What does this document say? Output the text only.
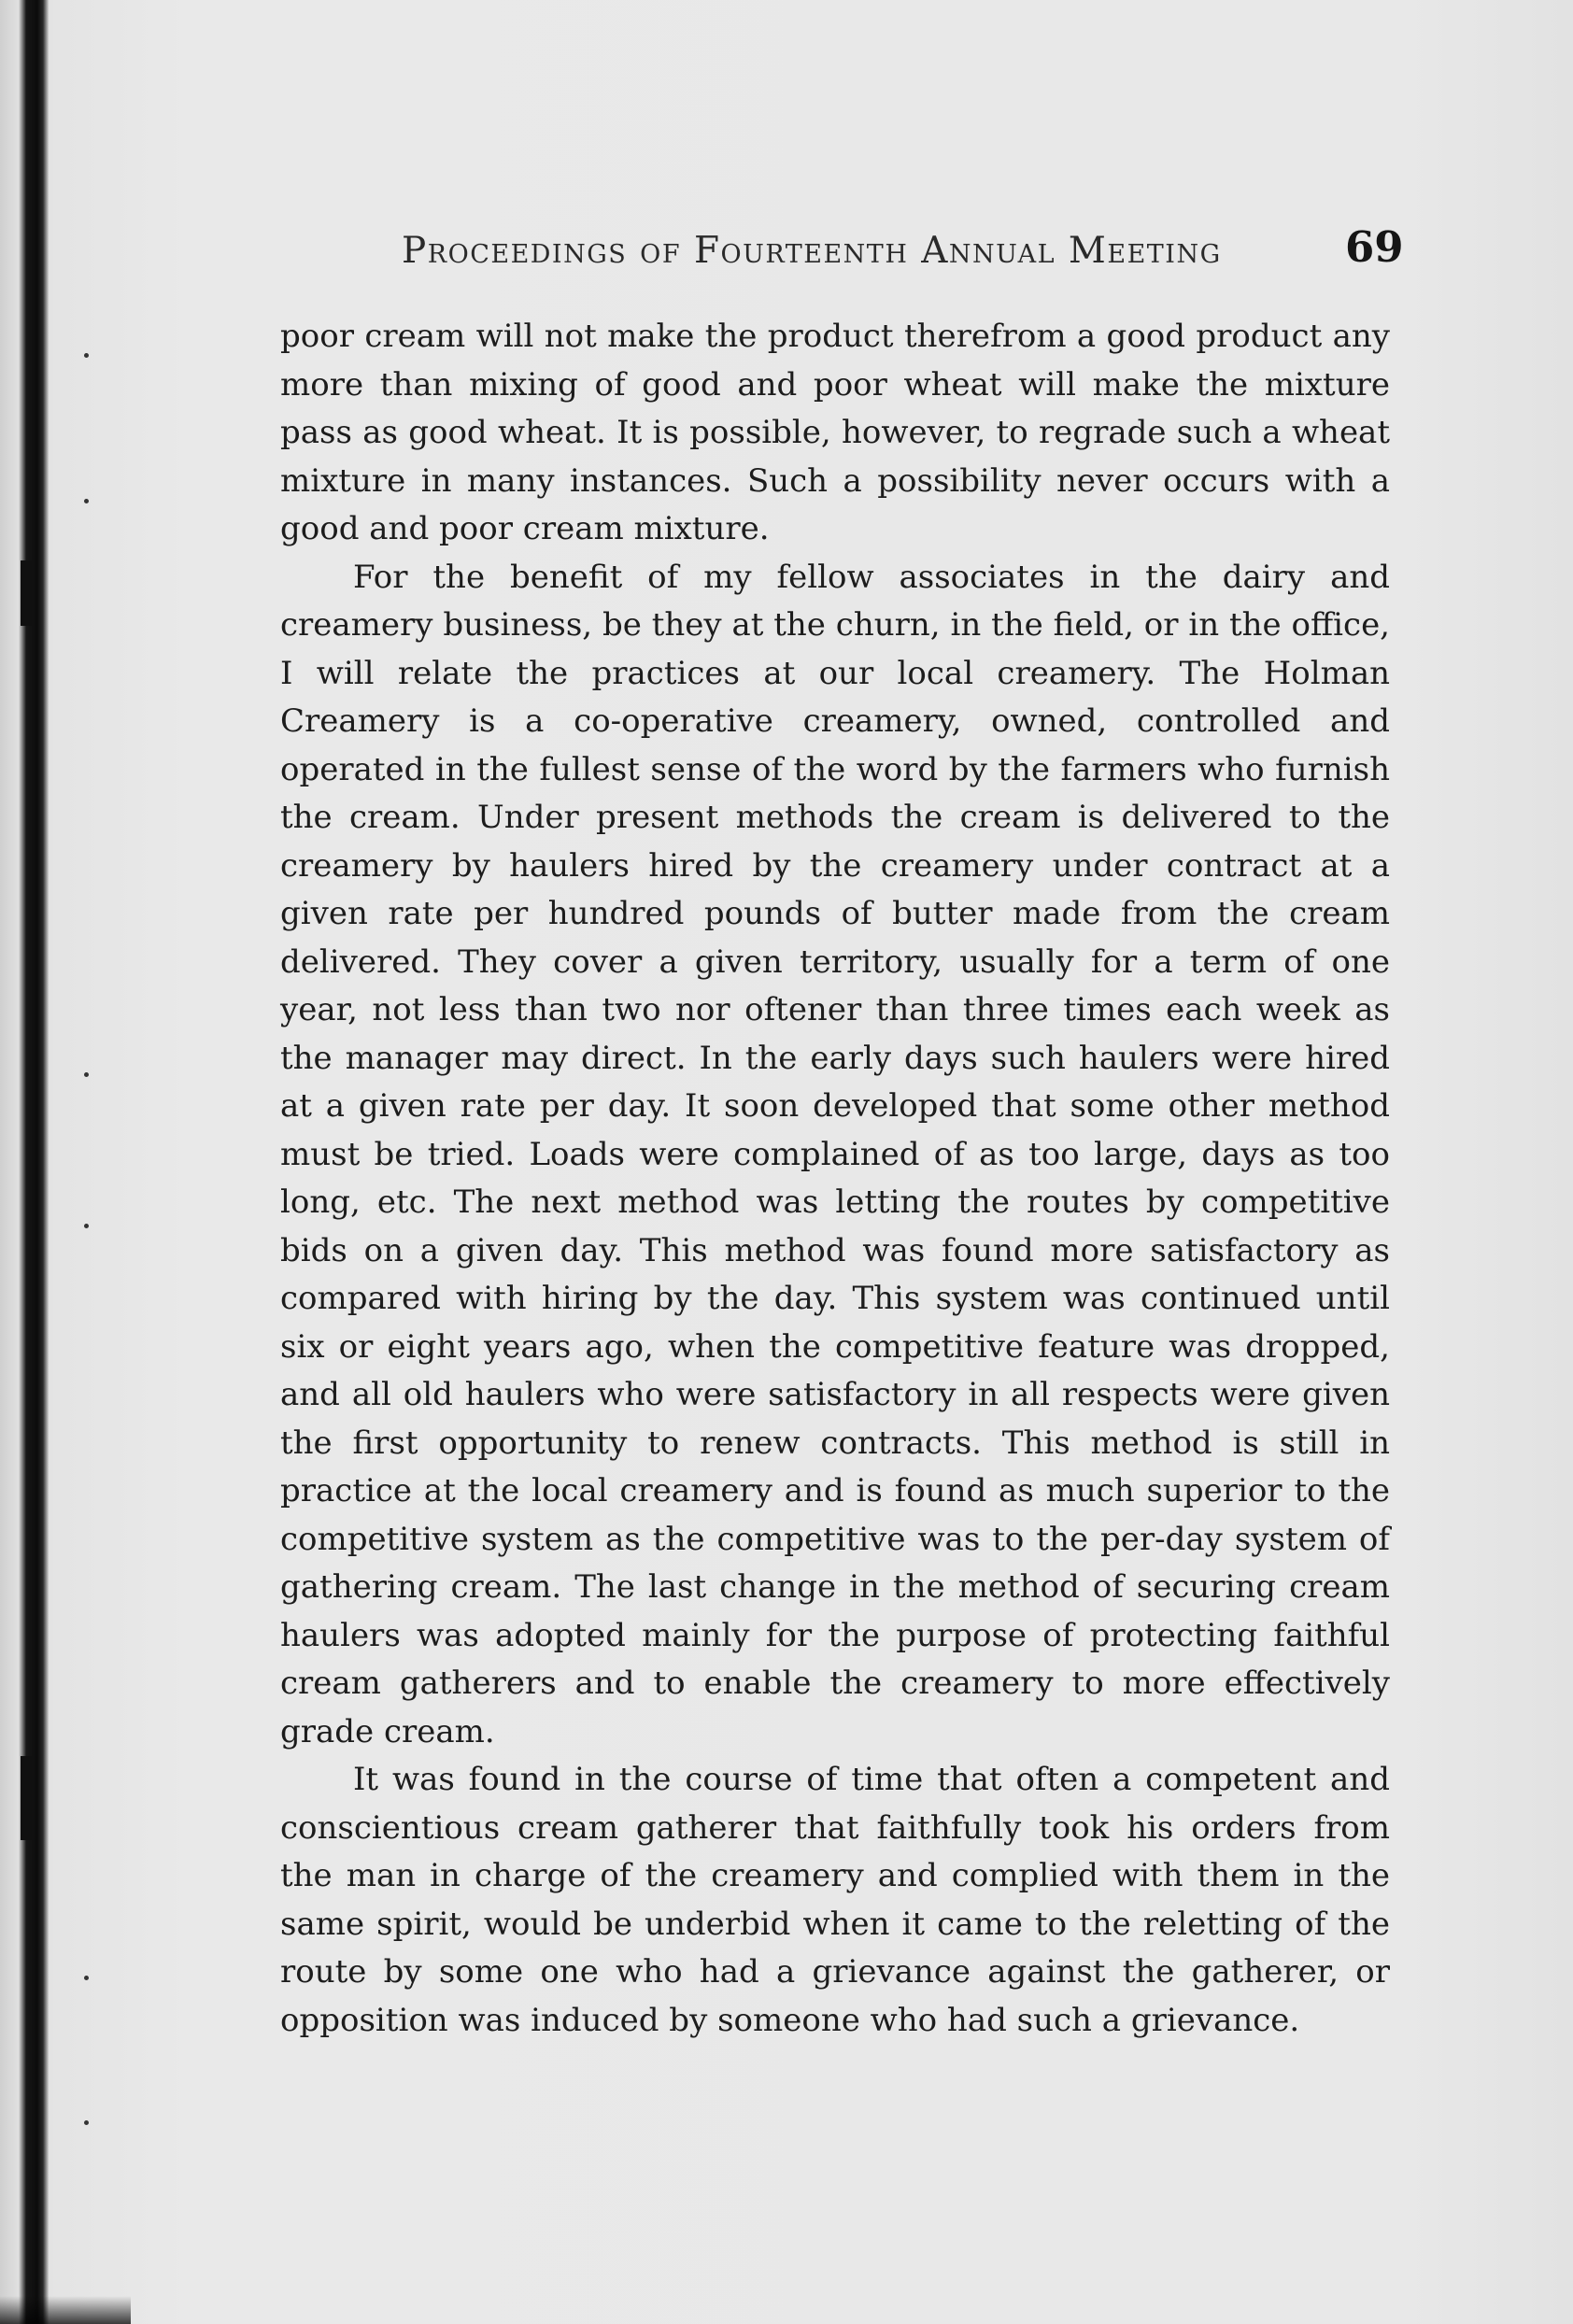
Proceedings of Fourteenth Annual Meeting	69

poor cream will not make the product therefrom a good product any more than mixing of good and poor wheat will make the mixture pass as good wheat. It is possible, however, to regrade such a wheat mixture in many instances. Such a possibility never occurs with a good and poor cream mixture.

For the benefit of my fellow associates in the dairy and creamery business, be they at the churn, in the field, or in the office, I will relate the practices at our local creamery. The Holman Creamery is a co-operative creamery, owned, controlled and operated in the fullest sense of the word by the farmers who furnish the cream. Under present methods the cream is delivered to the creamery by haulers hired by the creamery under contract at a given rate per hundred pounds of butter made from the cream delivered. They cover a given territory, usually for a term of one year, not less than two nor oftener than three times each week as the manager may direct. In the early days such haulers were hired at a given rate per day. It soon developed that some other method must be tried. Loads were complained of as too large, days as too long, etc. The next method was letting the routes by competitive bids on a given day. This method was found more satisfactory as compared with hiring by the day. This system was continued until six or eight years ago, when the competitive feature was dropped, and all old haulers who were satisfactory in all respects were given the first opportunity to renew contracts. This method is still in practice at the local creamery and is found as much superior to the competitive system as the competitive was to the per-day system of gathering cream. The last change in the method of securing cream haulers was adopted mainly for the purpose of protecting faithful cream gatherers and to enable the creamery to more effectively grade cream.

It was found in the course of time that often a competent and conscientious cream gatherer that faithfully took his orders from the man in charge of the creamery and complied with them in the same spirit, would be underbid when it came to the reletting of the route by some one who had a grievance against the gatherer, or opposition was induced by someone who had such a grievance.
